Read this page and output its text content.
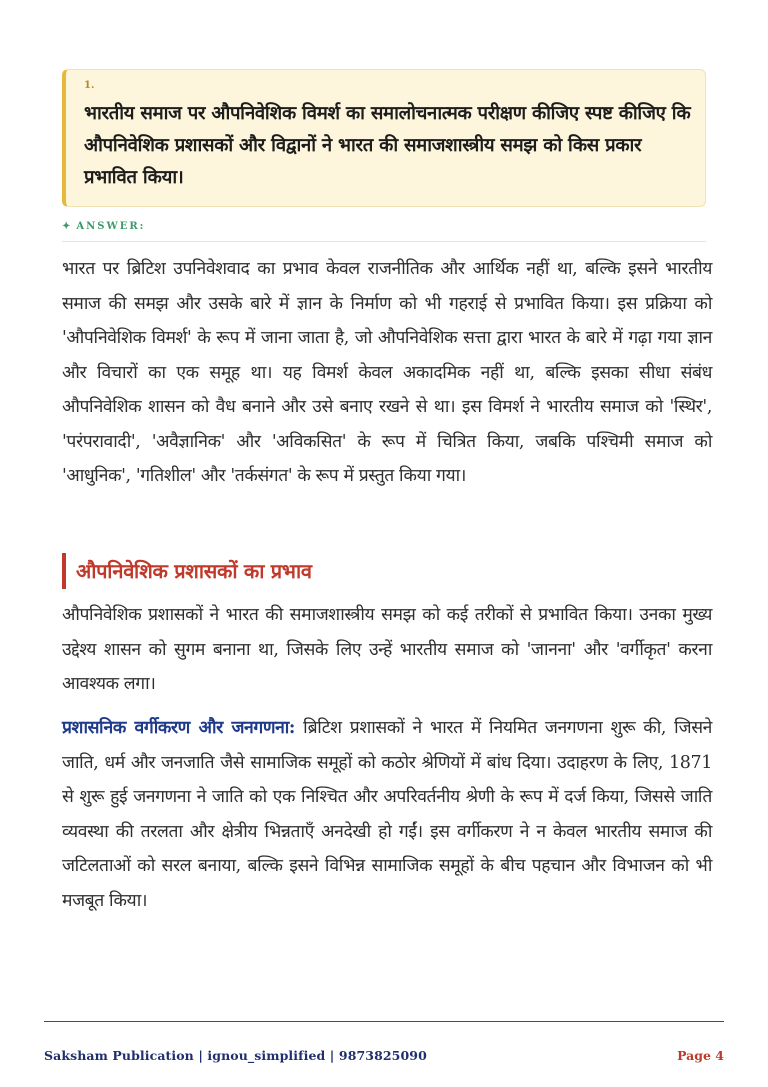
1.
भारतीय समाज पर औपनिवेशिक विमर्श का समालोचनात्मक परीक्षण कीजिए स्पष्ट कीजिए कि औपनिवेशिक प्रशासकों और विद्वानों ने भारत की समाजशास्त्रीय समझ को किस प्रकार प्रभावित किया।
✦ ANSWER:
भारत पर ब्रिटिश उपनिवेशवाद का प्रभाव केवल राजनीतिक और आर्थिक नहीं था, बल्कि इसने भारतीय समाज की समझ और उसके बारे में ज्ञान के निर्माण को भी गहराई से प्रभावित किया। इस प्रक्रिया को 'औपनिवेशिक विमर्श' के रूप में जाना जाता है, जो औपनिवेशिक सत्ता द्वारा भारत के बारे में गढ़ा गया ज्ञान और विचारों का एक समूह था। यह विमर्श केवल अकादमिक नहीं था, बल्कि इसका सीधा संबंध औपनिवेशिक शासन को वैध बनाने और उसे बनाए रखने से था। इस विमर्श ने भारतीय समाज को 'स्थिर', 'परंपरावादी', 'अवैज्ञानिक' और 'अविकसित' के रूप में चित्रित किया, जबकि पश्चिमी समाज को 'आधुनिक', 'गतिशील' और 'तर्कसंगत' के रूप में प्रस्तुत किया गया।
औपनिवेशिक प्रशासकों का प्रभाव
औपनिवेशिक प्रशासकों ने भारत की समाजशास्त्रीय समझ को कई तरीकों से प्रभावित किया। उनका मुख्य उद्देश्य शासन को सुगम बनाना था, जिसके लिए उन्हें भारतीय समाज को 'जानना' और 'वर्गीकृत' करना आवश्यक लगा।
प्रशासनिक वर्गीकरण और जनगणना: ब्रिटिश प्रशासकों ने भारत में नियमित जनगणना शुरू की, जिसने जाति, धर्म और जनजाति जैसे सामाजिक समूहों को कठोर श्रेणियों में बांध दिया। उदाहरण के लिए, 1871 से शुरू हुई जनगणना ने जाति को एक निश्चित और अपरिवर्तनीय श्रेणी के रूप में दर्ज किया, जिससे जाति व्यवस्था की तरलता और क्षेत्रीय भिन्नताएँ अनदेखी हो गईं। इस वर्गीकरण ने न केवल भारतीय समाज की जटिलताओं को सरल बनाया, बल्कि इसने विभिन्न सामाजिक समूहों के बीच पहचान और विभाजन को भी मजबूत किया।
Saksham Publication | ignou_simplified | 9873825090	Page 4
